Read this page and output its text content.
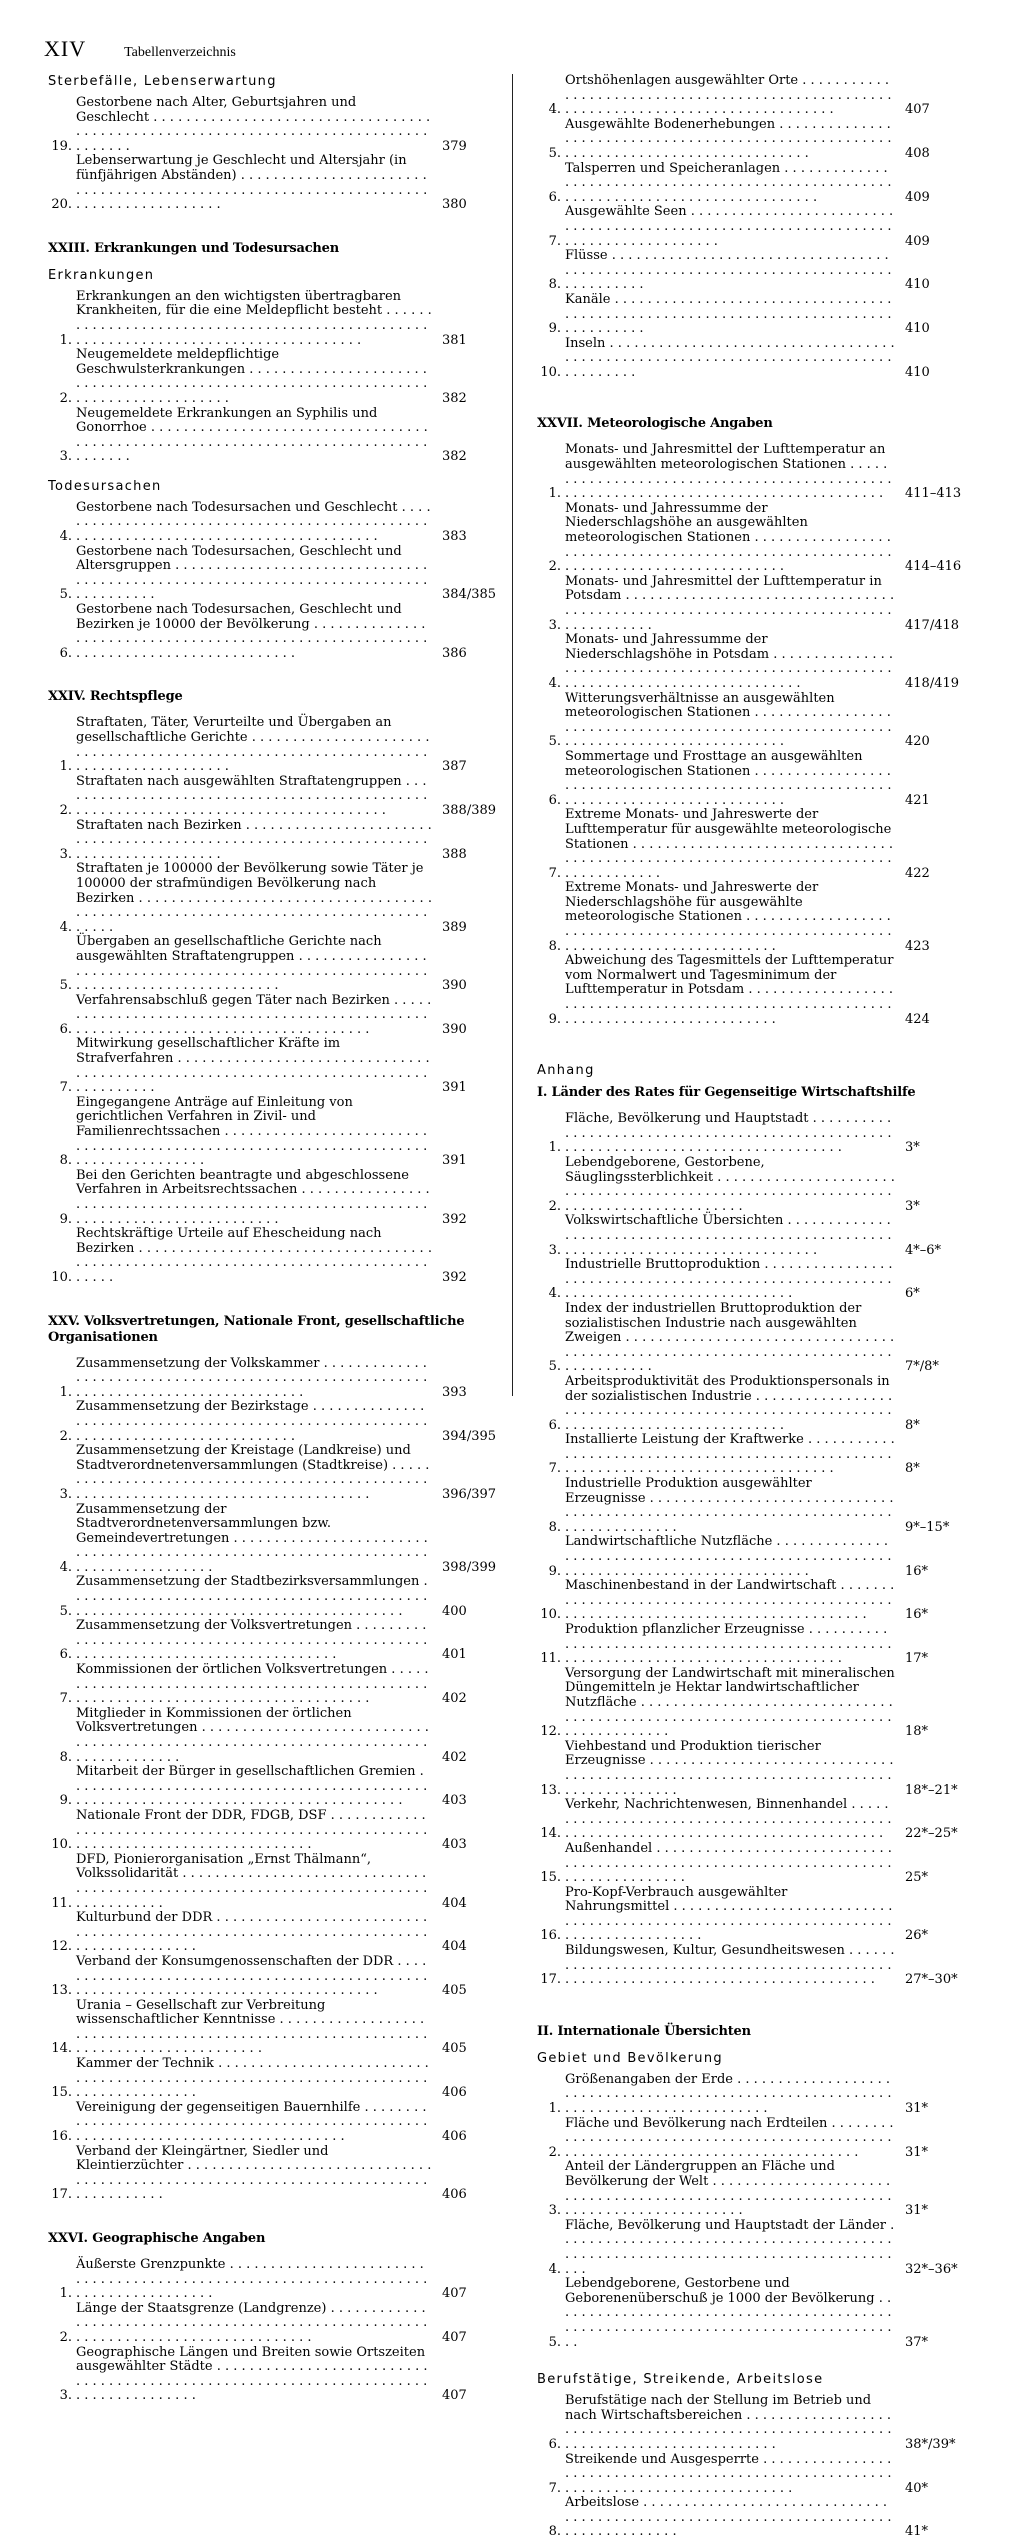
XIV	Tabellenverzeichnis
Sterbefälle, Lebenserwartung
19.
Gestorbene nach Alter, Geburtsjahren und Geschlecht . . .
379
20.
Lebenserwartung je Geschlecht und Altersjahr (in fünfjährigen Abständen) . . .
380
XXIII. Erkrankungen und Todesursachen
Erkrankungen
1.
Erkrankungen an den wichtigsten übertragbaren Krankheiten, für die eine Meldepflicht besteht . . .
381
2.
Neugemeldete meldepflichtige Geschwulsterkrankungen . . .
382
3.
Neugemeldete Erkrankungen an Syphilis und Gonorrhoe . . .
382
Todesursachen
4.
Gestorbene nach Todesursachen und Geschlecht . . .
383
5.
Gestorbene nach Todesursachen, Geschlecht und Altersgruppen . . .
384/385
6.
Gestorbene nach Todesursachen, Geschlecht und Bezirken je 10000 der Bevölkerung . . .
386
XXIV. Rechtspflege
1.
Straftaten, Täter, Verurteilte und Übergaben an gesellschaftliche Gerichte . . .
387
2.
Straftaten nach ausgewählten Straftatengruppen . . .
388/389
3.
Straftaten nach Bezirken . . .
388
4.
Straftaten je 100000 der Bevölkerung sowie Täter je 100000 der strafmündigen Bevölkerung nach Bezirken . . .
389
5.
Übergaben an gesellschaftliche Gerichte nach ausgewählten Straftatengruppen . . .
390
6.
Verfahrensabschluß gegen Täter nach Bezirken . . .
390
7.
Mitwirkung gesellschaftlicher Kräfte im Strafverfahren . . .
391
8.
Eingegangene Anträge auf Einleitung von gerichtlichen Verfahren in Zivil- und Familienrechtssachen . . .
391
9.
Bei den Gerichten beantragte und abgeschlossene Verfahren in Arbeitsrechtssachen . . .
392
10.
Rechtskräftige Urteile auf Ehescheidung nach Bezirken . . .
392
XXV. Volksvertretungen, Nationale Front, gesellschaftliche Organisationen
1.
Zusammensetzung der Volkskammer . . .
393
2.
Zusammensetzung der Bezirkstage . . .
394/395
3.
Zusammensetzung der Kreistage (Landkreise) und Stadtverordnetenversammlungen (Stadtkreise) . . .
396/397
4.
Zusammensetzung der Stadtverordnetenversammlungen bzw. Gemeindevertretungen . . .
398/399
5.
Zusammensetzung der Stadtbezirksversammlungen . . .
400
6.
Zusammensetzung der Volksvertretungen . . .
401
7.
Kommissionen der örtlichen Volksvertretungen . . .
402
8.
Mitglieder in Kommissionen der örtlichen Volksvertretungen . . .
402
9.
Mitarbeit der Bürger in gesellschaftlichen Gremien . . .
403
10.
Nationale Front der DDR, FDGB, DSF . . .
403
11.
DFD, Pionierorganisation „Ernst Thälmann“, Volkssolidarität . . .
404
12.
Kulturbund der DDR . . .
404
13.
Verband der Konsumgenossenschaften der DDR . . .
405
14.
Urania – Gesellschaft zur Verbreitung wissenschaftlicher Kenntnisse . . .
405
15.
Kammer der Technik . . .
406
16.
Vereinigung der gegenseitigen Bauernhilfe . . .
406
17.
Verband der Kleingärtner, Siedler und Kleintierzüchter . . .
406
XXVI. Geographische Angaben
1.
Äußerste Grenzpunkte . . .
407
2.
Länge der Staatsgrenze (Landgrenze) . . .
407
3.
Geographische Längen und Breiten sowie Ortszeiten ausgewählter Städte . . .
407
4.
Ortshöhenlagen ausgewählter Orte . . .
407
5.
Ausgewählte Bodenerhebungen . . .
408
6.
Talsperren und Speicheranlagen . . .
409
7.
Ausgewählte Seen . . .
409
8.
Flüsse . . .
410
9.
Kanäle . . .
410
10.
Inseln . . .
410
XXVII. Meteorologische Angaben
1.
Monats- und Jahresmittel der Lufttemperatur an ausgewählten meteorologischen Stationen . . .
411–413
2.
Monats- und Jahressumme der Niederschlagshöhe an ausgewählten meteorologischen Stationen . . .
414–416
3.
Monats- und Jahresmittel der Lufttemperatur in Potsdam . . .
417/418
4.
Monats- und Jahressumme der Niederschlagshöhe in Potsdam . . .
418/419
5.
Witterungsverhältnisse an ausgewählten meteorologischen Stationen . . .
420
6.
Sommertage und Frosttage an ausgewählten meteorologischen Stationen . . .
421
7.
Extreme Monats- und Jahreswerte der Lufttemperatur für ausgewählte meteorologische Stationen . . .
422
8.
Extreme Monats- und Jahreswerte der Niederschlagshöhe für ausgewählte meteorologische Stationen . . .
423
9.
Abweichung des Tagesmittels der Lufttemperatur vom Normalwert und Tagesminimum der Lufttemperatur in Potsdam . . .
424
Anhang
I. Länder des Rates für Gegenseitige Wirtschaftshilfe
1.
Fläche, Bevölkerung und Hauptstadt . . .
3*
2.
Lebendgeborene, Gestorbene, Säuglingssterblichkeit . . .
3*
3.
Volkswirtschaftliche Übersichten . . .
4*–6*
4.
Industrielle Bruttoproduktion . . .
6*
5.
Index der industriellen Bruttoproduktion der sozialistischen Industrie nach ausgewählten Zweigen . . .
7*/8*
6.
Arbeitsproduktivität des Produktionspersonals in der sozialistischen Industrie . . .
8*
7.
Installierte Leistung der Kraftwerke . . .
8*
8.
Industrielle Produktion ausgewählter Erzeugnisse . . .
9*–15*
9.
Landwirtschaftliche Nutzfläche . . .
16*
10.
Maschinenbestand in der Landwirtschaft . . .
16*
11.
Produktion pflanzlicher Erzeugnisse . . .
17*
12.
Versorgung der Landwirtschaft mit mineralischen Düngemitteln je Hektar landwirtschaftlicher Nutzfläche . . .
18*
13.
Viehbestand und Produktion tierischer Erzeugnisse . . .
18*–21*
14.
Verkehr, Nachrichtenwesen, Binnenhandel . . .
22*–25*
15.
Außenhandel . . .
25*
16.
Pro-Kopf-Verbrauch ausgewählter Nahrungsmittel . . .
26*
17.
Bildungswesen, Kultur, Gesundheitswesen . . .
27*–30*
II. Internationale Übersichten
Gebiet und Bevölkerung
1.
Größenangaben der Erde . . .
31*
2.
Fläche und Bevölkerung nach Erdteilen . . .
31*
3.
Anteil der Ländergruppen an Fläche und Bevölkerung der Welt . . .
31*
4.
Fläche, Bevölkerung und Hauptstadt der Länder . . .
32*–36*
5.
Lebendgeborene, Gestorbene und Geborenenüberschuß je 1000 der Bevölkerung . . .
37*
Berufstätige, Streikende, Arbeitslose
6.
Berufstätige nach der Stellung im Betrieb und nach Wirtschaftsbereichen . . .
38*/39*
7.
Streikende und Ausgesperrte . . .
40*
8.
Arbeitslose . . .
41*
